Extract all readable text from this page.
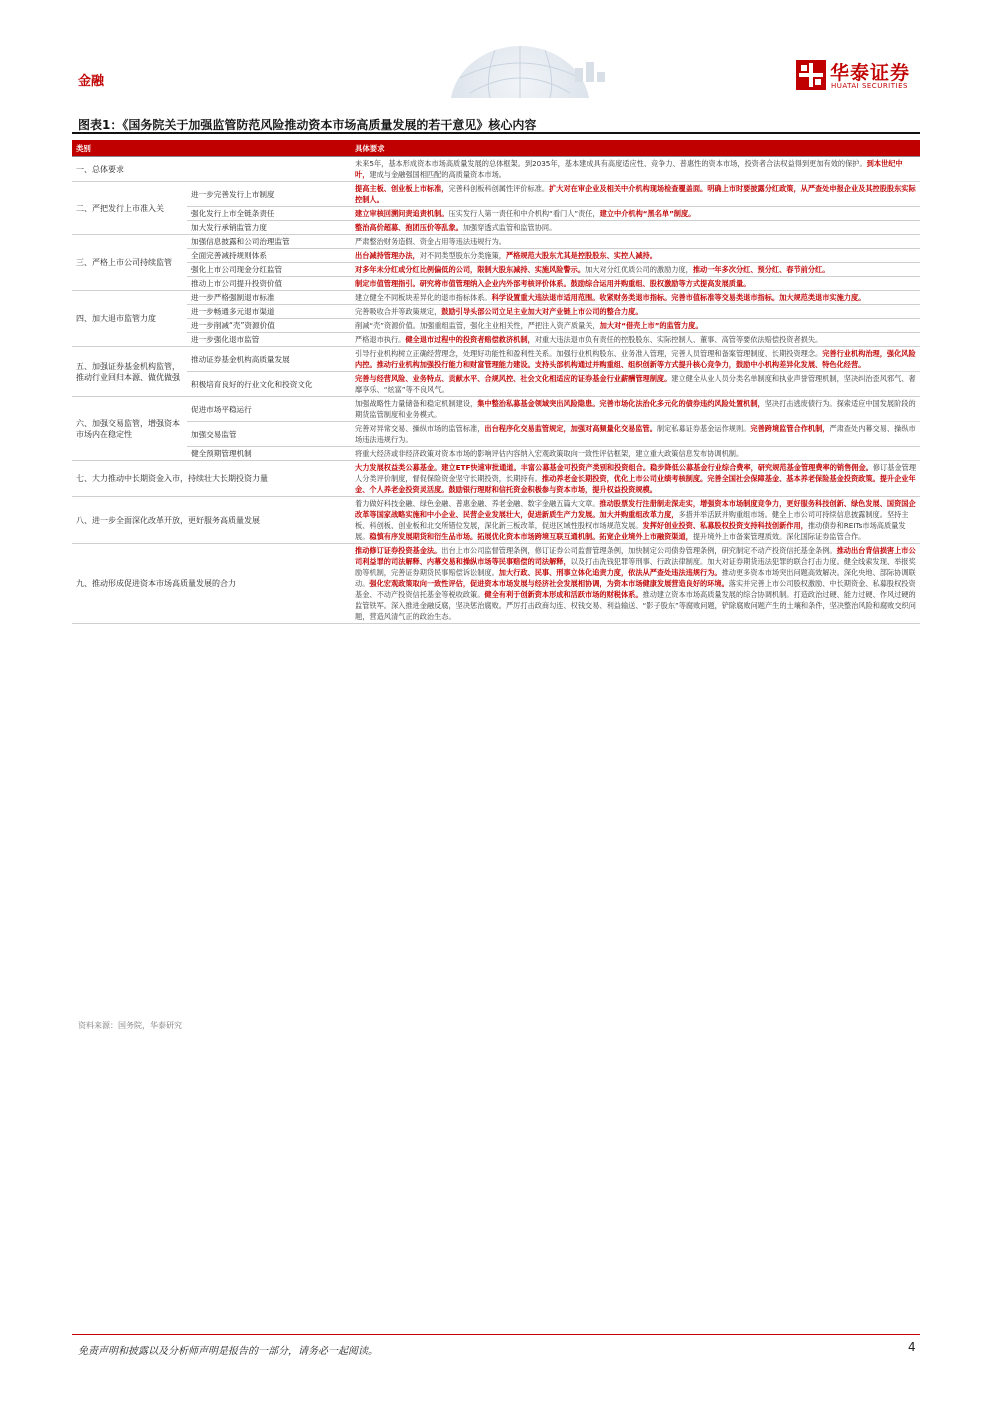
金融	华泰证券
HUATAI SECURITIES
图表1：《国务院关于加强监管防范风险推动资本市场高质量发展的若干意见》核心内容
类别		具体要求
一、总体要求		未来5年，基本形成资本市场高质量发展的总体框架。到2035年，基本建成具有高度适应性、竞争力、普惠性的资本市场，投资者合法权益得到更加有效的保护。到本世纪中叶，建成与金融强国相匹配的高质量资本市场。
二、严把发行上市准入关	进一步完善发行上市制度	提高主板、创业板上市标准，完善科创板科创属性评价标准。扩大对在审企业及相关中介机构现场检查覆盖面。明确上市时要披露分红政策，从严查处申报企业及其控股股东实际控制人。
	强化发行上市全链条责任	建立审核回溯问责追责机制。压实发行人第一责任和中介机构“看门人”责任，建立中介机构“黑名单”制度。
	加大发行承销监管力度	整治高价超募、抱团压价等乱象。加强穿透式监管和监管协同。
三、严格上市公司持续监管	加强信息披露和公司治理监管	严肃整治财务造假、资金占用等违法违规行为。
	全面完善减持规则体系	出台减持管理办法，对不同类型股东分类施策，严格规范大股东尤其是控股股东、实控人减持。
	强化上市公司现金分红监管	对多年未分红或分红比例偏低的公司，限制大股东减持、实施风险警示。加大对分红优质公司的激励力度，推动一年多次分红、预分红、春节前分红。
	推动上市公司提升投资价值	制定市值管理指引。研究将市值管理纳入企业内外部考核评价体系。鼓励综合运用并购重组、股权激励等方式提高发展质量。
四、加大退市监管力度	进一步严格强制退市标准	建立健全不同板块差异化的退市指标体系。科学设置重大违法退市适用范围。收紧财务类退市指标。完善市值标准等交易类退市指标。加大规范类退市实施力度。
	进一步畅通多元退市渠道	完善吸收合并等政策规定，鼓励引导头部公司立足主业加大对产业链上市公司的整合力度。
	进一步削减“壳”资源价值	削减“壳”资源价值。加强重组监管，强化主业相关性，严把注入资产质量关，加大对“借壳上市”的监管力度。
	进一步强化退市监管	严格退市执行。健全退市过程中的投资者赔偿救济机制，对重大违法退市负有责任的控股股东、实际控制人、董事、高管等要依法赔偿投资者损失。
五、加强证券基金机构监管，推动行业回归本源、做优做强	推动证券基金机构高质量发展	引导行业机构树立正确经营理念，处理好功能性和盈利性关系。加强行业机构股东、业务准入管理，完善人员管理和备案管理制度、长期投资理念。完善行业机构治理，强化风险内控。推动行业机构加强投行能力和财富管理能力建设。支持头部机构通过并购重组、组织创新等方式提升核心竞争力，鼓励中小机构差异化发展、特色化经营。
	积极培育良好的行业文化和投资文化	完善与经营风险、业务特点、贡献水平、合规风控、社会文化相适应的证券基金行业薪酬管理制度。建立健全从业人员分类名单制度和执业声誉管理机制，坚决纠治歪风邪气、奢靡享乐、“炫富”等不良风气。
六、加强交易监管，增强资本市场内在稳定性	促进市场平稳运行	加强战略性力量储备和稳定机制建设，集中整治私募基金领域突出风险隐患。完善市场化法治化多元化的债券违约风险处置机制，坚决打击逃废债行为。探索适应中国发展阶段的期货监管制度和业务模式。
	加强交易监管	完善对异常交易、操纵市场的监管标准，出台程序化交易监管规定，加强对高频量化交易监管。制定私募证券基金运作规则。完善跨境监管合作机制，严肃查处内幕交易、操纵市场违法违规行为。
	健全预期管理机制	将重大经济或非经济政策对资本市场的影响评估内容纳入宏观政策取向一致性评估框架，建立重大政策信息发布协调机制。
七、大力推动中长期资金入市，持续壮大长期投资力量		大力发展权益类公募基金。建立ETF快速审批通道。丰富公募基金可投资产类别和投资组合。稳步降低公募基金行业综合费率，研究规范基金管理费率的销售佣金。修订基金管理人分类评价制度，督促保险资金坚守长期投资，长期持有。推动养老金长期投资，优化上市公司业绩考核制度。完善全国社会保障基金、基本养老保险基金投资政策。提升企业年金、个人养老金投资灵活度。鼓励银行理财和信托资金积极参与资本市场，提升权益投资规模。
八、进一步全面深化改革开放，更好服务高质量发展		着力做好科技金融、绿色金融、普惠金融、养老金融、数字金融五篇大文章。推动股票发行注册制走深走实，增强资本市场制度竞争力，更好服务科技创新、绿色发展、国资国企改革等国家战略实施和中小企业、民营企业发展壮大，促进新质生产力发展。加大并购重组改革力度，多措并举活跃并购重组市场。健全上市公司可持续信息披露制度。坚持主板、科创板、创业板和北交所错位发展，深化新三板改革，促进区域性股权市场规范发展。发挥好创业投资、私募股权投资支持科技创新作用，推动债券和REITs市场高质量发展。稳慎有序发展期货和衍生品市场。拓展优化资本市场跨境互联互通机制。拓宽企业境外上市融资渠道，提升境外上市备案管理质效。深化国际证券监管合作。
九、推动形成促进资本市场高质量发展的合力		推动修订证券投资基金法。出台上市公司监督管理条例，修订证券公司监督管理条例，加快制定公司债券管理条例，研究制定不动产投资信托基金条例。推动出台背信损害上市公司利益罪的司法解释、内幕交易和操纵市场等民事赔偿的司法解释，以及打击洗钱犯罪等刑事、行政法律制度。加大对证券期货违法犯罪的联合打击力度。健全线索发现、举报奖励等机制，完善证券期货民事赔偿诉讼制度。加大行政、民事、刑事立体化追责力度，依法从严查处违法违规行为。推动更多资本市场突出问题高效解决。深化央地、部际协调联动。强化宏观政策取向一致性评估，促进资本市场发展与经济社会发展相协调，为资本市场健康发展营造良好的环境。落实并完善上市公司股权激励、中长期资金、私募股权投资基金、不动产投资信托基金等税收政策。健全有利于创新资本形成和活跃市场的财税体系。推动建立资本市场高质量发展的综合协调机制。打造政治过硬、能力过硬、作风过硬的监管铁军。深入推进金融反腐，坚决惩治腐败。严厉打击政商勾连、权钱交易、利益输送、“影子股东”等腐败问题，铲除腐败问题产生的土壤和条件，坚决整治风险和腐败交织问题，营造风清气正的政治生态。
资料来源：国务院，华泰研究
免责声明和披露以及分析师声明是报告的一部分，请务必一起阅读。	4
